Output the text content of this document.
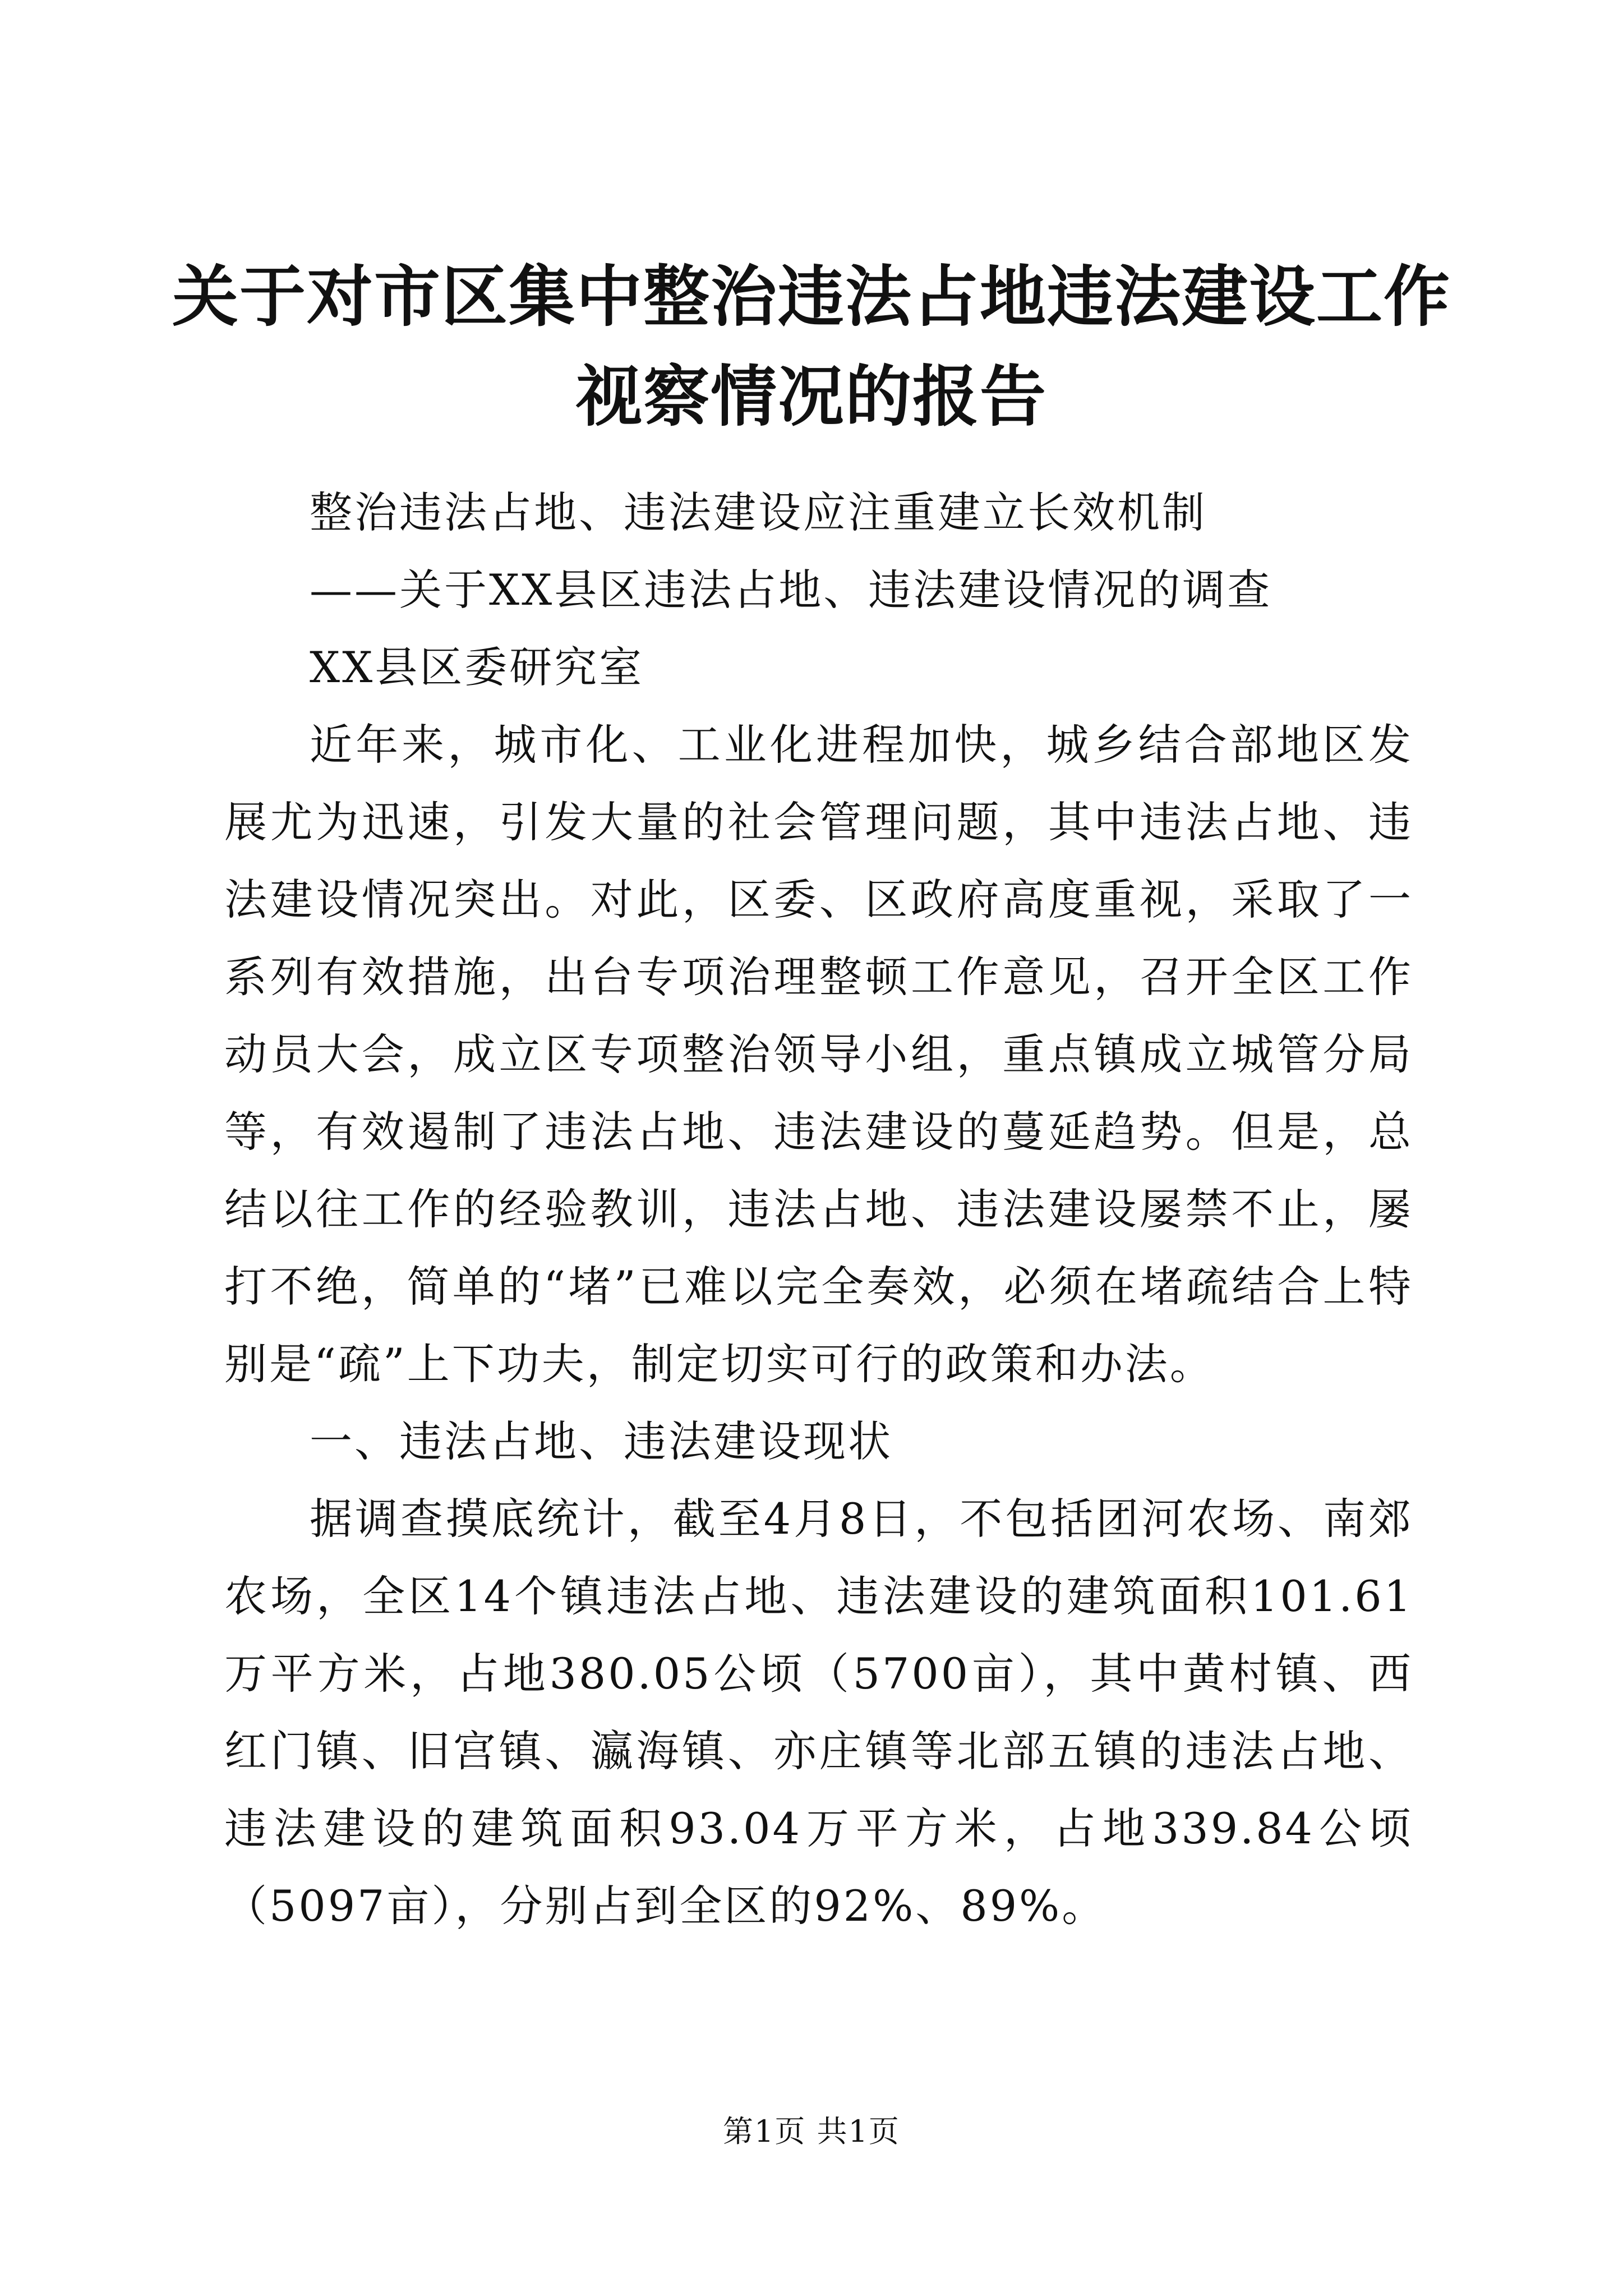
关于对市区集中整治违法占地违法建设工作视察情况的报告

整治违法占地、违法建设应注重建立长效机制

——关于XX县区违法占地、违法建设情况的调查

XX县区委研究室

近年来，城市化、工业化进程加快，城乡结合部地区发展尤为迅速，引发大量的社会管理问题，其中违法占地、违法建设情况突出。对此，区委、区政府高度重视，采取了一系列有效措施，出台专项治理整顿工作意见，召开全区工作动员大会，成立区专项整治领导小组，重点镇成立城管分局等，有效遏制了违法占地、违法建设的蔓延趋势。但是，总结以往工作的经验教训，违法占地、违法建设屡禁不止，屡打不绝，简单的“堵”已难以完全奏效，必须在堵疏结合上特别是“疏”上下功夫，制定切实可行的政策和办法。

一、违法占地、违法建设现状

据调查摸底统计，截至4月8日，不包括团河农场、南郊农场，全区14个镇违法占地、违法建设的建筑面积101.61万平方米，占地380.05公顷（5700亩），其中黄村镇、西红门镇、旧宫镇、瀛海镇、亦庄镇等北部五镇的违法占地、违法建设的建筑面积93.04万平方米，占地339.84公顷（5097亩），分别占到全区的92%、89%。

第1页 共1页
